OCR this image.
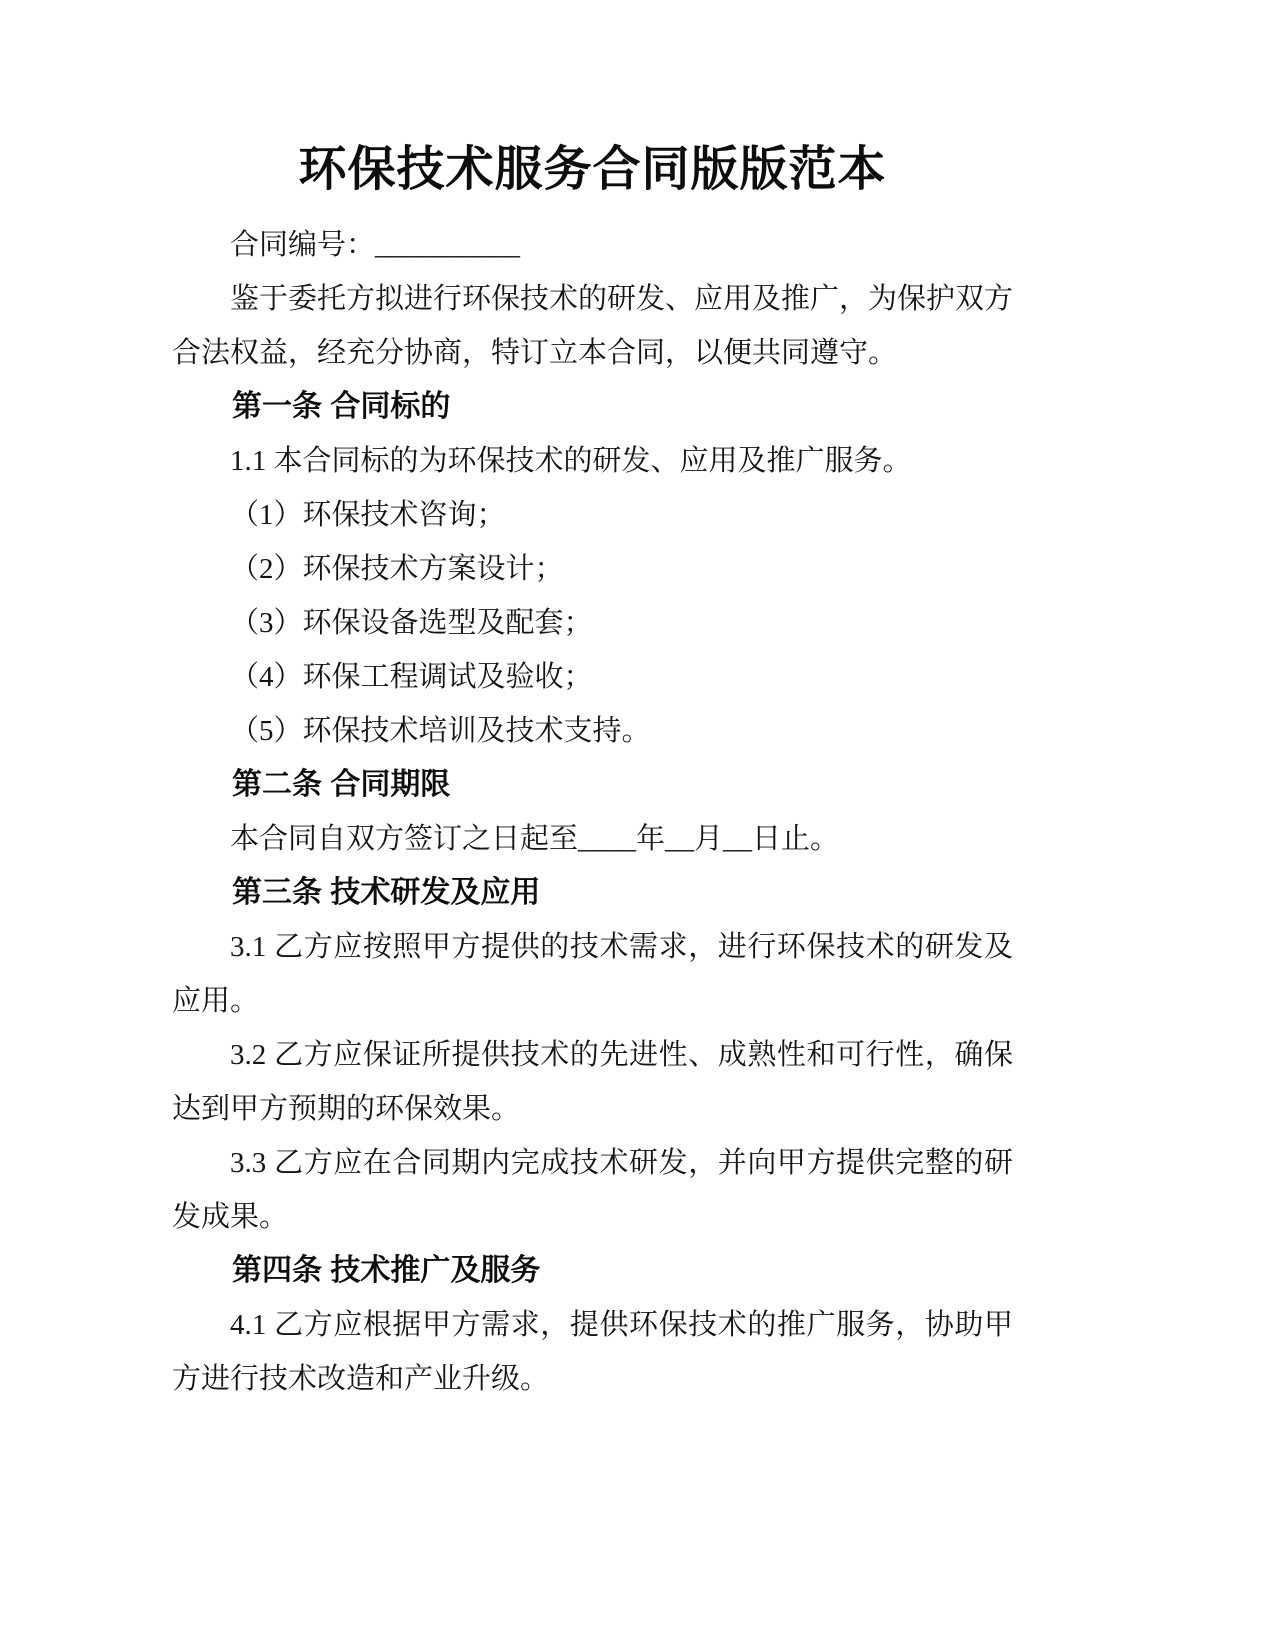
环保技术服务合同版版范本

合同编号：__________

鉴于委托方拟进行环保技术的研发、应用及推广，为保护双方合法权益，经充分协商，特订立本合同，以便共同遵守。

第一条 合同标的

1.1 本合同标的为环保技术的研发、应用及推广服务。

（1）环保技术咨询；

（2）环保技术方案设计；

（3）环保设备选型及配套；

（4）环保工程调试及验收；

（5）环保技术培训及技术支持。

第二条 合同期限

本合同自双方签订之日起至____年__月__日止。

第三条 技术研发及应用

3.1 乙方应按照甲方提供的技术需求，进行环保技术的研发及应用。

3.2 乙方应保证所提供技术的先进性、成熟性和可行性，确保达到甲方预期的环保效果。

3.3 乙方应在合同期内完成技术研发，并向甲方提供完整的研发成果。

第四条 技术推广及服务

4.1 乙方应根据甲方需求，提供环保技术的推广服务，协助甲方进行技术改造和产业升级。
